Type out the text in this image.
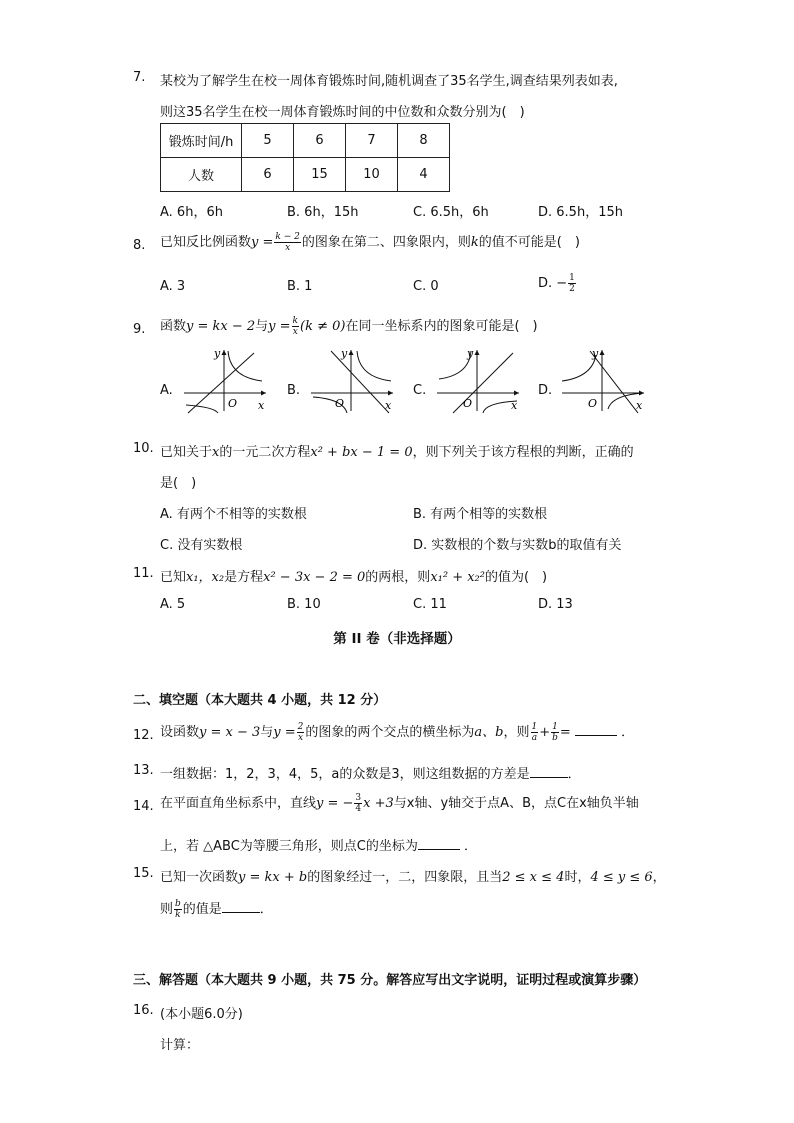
7. 某校为了解学生在校一周体育锻炼时间,随机调查了35名学生,调查结果列表如表,
则这35名学生在校一周体育锻炼时间的中位数和众数分别为(　)
锻炼时间/h	5	6	7	8
人数	6	15	10	4
A. 6h，6h	B. 6h，15h	C. 6.5h，6h	D. 6.5h，15h
8. 已知反比例函数$y = \frac{k - 2}{x}$ 的图象在第二、四象限内，则k的值不可能是(　)
A. 3	B. 1	C. 0	D. − $\frac{1}{2}$
9. 函数y = kx − 2与$y = \frac{k}{x} (k \ne 0)$在同一坐标系内的图象可能是(　)
A.
y
x
O
B.
y
x
O
C.
y
x
O
D.
y
x
O
10. 已知关于x的一元二次方程x² + bx − 1 = 0，则下列关于该方程根的判断，正确的
是(　)
A. 有两个不相等的实数根	B. 有两个相等的实数根
C. 没有实数根	D. 实数根的个数与实数b的取值有关
11. 已知x₁，x₂是方程x² − 3x − 2 = 0的两根，则x₁² + x₂²的值为(　)
A. 5	B. 10	C. 11	D. 13
第 II 卷（非选择题）
二、填空题（本大题共 4 小题，共 12 分）
12. 设函数y = x − 3与$y = \frac{2}{x}$ 的图象的两个交点的横坐标为a、b，则 $\frac{1}{a} + \frac{1}{b}$ =	．
13. 一组数据：1，2，3，4，5，a的众数是3，则这组数据的方差是	．
14. 在平面直角坐标系中，直线y = − $\frac{3}{4}$ x +3与x轴、y轴交于点A、B，点C在x轴负半轴
上，若 △ABC为等腰三角形，则点C的坐标为	．
15. 已知一次函数y = kx + b的图象经过一，二，四象限，且当2 ≤ x ≤ 4时，4 ≤ y ≤ 6，
则 $\frac{b}{k}$ 的值是	．
三、解答题（本大题共 9 小题，共 75 分。解答应写出文字说明，证明过程或演算步骤）
16. (本小题6.0分)
计算：
